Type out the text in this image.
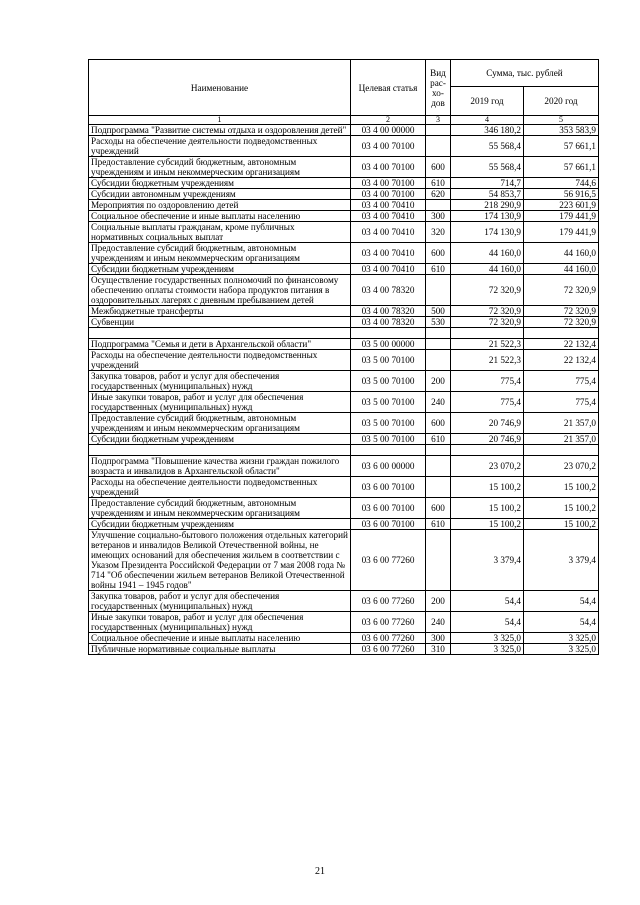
Наименование	Целевая статья	Вид рас-хо-дов	Сумма, тыс. рублей	
			2019 год	2020 год
1	2	3	4	5
Подпрограмма "Развитие системы отдыха и оздоровления детей"	03 4 00 00000		346 180,2	353 583,9
Расходы на обеспечение деятельности подведомственных учреждений	03 4 00 70100		55 568,4	57 661,1
Предоставление субсидий бюджетным, автономным учреждениям и иным некоммерческим организациям	03 4 00 70100	600	55 568,4	57 661,1
Субсидии бюджетным учреждениям	03 4 00 70100	610	714,7	744,6
Субсидии автономным учреждениям	03 4 00 70100	620	54 853,7	56 916,5
Мероприятия по оздоровлению детей	03 4 00 70410		218 290,9	223 601,9
Социальное обеспечение и иные выплаты населению	03 4 00 70410	300	174 130,9	179 441,9
Социальные выплаты гражданам, кроме публичных нормативных социальных выплат	03 4 00 70410	320	174 130,9	179 441,9
Предоставление субсидий бюджетным, автономным учреждениям и иным некоммерческим организациям	03 4 00 70410	600	44 160,0	44 160,0
Субсидии бюджетным учреждениям	03 4 00 70410	610	44 160,0	44 160,0
Осуществление государственных полномочий по финансовому обеспечению оплаты стоимости набора продуктов питания в оздоровительных лагерях с дневным пребыванием детей	03 4 00 78320		72 320,9	72 320,9
Межбюджетные трансферты	03 4 00 78320	500	72 320,9	72 320,9
Субвенции	03 4 00 78320	530	72 320,9	72 320,9

Подпрограмма "Семья и дети в Архангельской области"	03 5 00 00000		21 522,3	22 132,4
Расходы на обеспечение деятельности подведомственных учреждений	03 5 00 70100		21 522,3	22 132,4
Закупка товаров, работ и услуг для обеспечения государственных (муниципальных) нужд	03 5 00 70100	200	775,4	775,4
Иные закупки товаров, работ и услуг для обеспечения государственных (муниципальных) нужд	03 5 00 70100	240	775,4	775,4
Предоставление субсидий бюджетным, автономным учреждениям и иным некоммерческим организациям	03 5 00 70100	600	20 746,9	21 357,0
Субсидии бюджетным учреждениям	03 5 00 70100	610	20 746,9	21 357,0

Подпрограмма "Повышение качества жизни граждан пожилого возраста и инвалидов в Архангельской области"	03 6 00 00000		23 070,2	23 070,2
Расходы на обеспечение деятельности подведомственных учреждений	03 6 00 70100		15 100,2	15 100,2
Предоставление субсидий бюджетным, автономным учреждениям и иным некоммерческим организациям	03 6 00 70100	600	15 100,2	15 100,2
Субсидии бюджетным учреждениям	03 6 00 70100	610	15 100,2	15 100,2
Улучшение социально-бытового положения отдельных категорий ветеранов и инвалидов Великой Отечественной войны, не имеющих оснований для обеспечения жильем в соответствии с Указом Президента Российской Федерации от 7 мая 2008 года № 714 "Об обеспечении жильем ветеранов Великой Отечественной войны 1941 – 1945 годов"	03 6 00 77260		3 379,4	3 379,4
Закупка товаров, работ и услуг для обеспечения государственных (муниципальных) нужд	03 6 00 77260	200	54,4	54,4
Иные закупки товаров, работ и услуг для обеспечения государственных (муниципальных) нужд	03 6 00 77260	240	54,4	54,4
Социальное обеспечение и иные выплаты населению	03 6 00 77260	300	3 325,0	3 325,0
Публичные нормативные социальные выплаты	03 6 00 77260	310	3 325,0	3 325,0
21
